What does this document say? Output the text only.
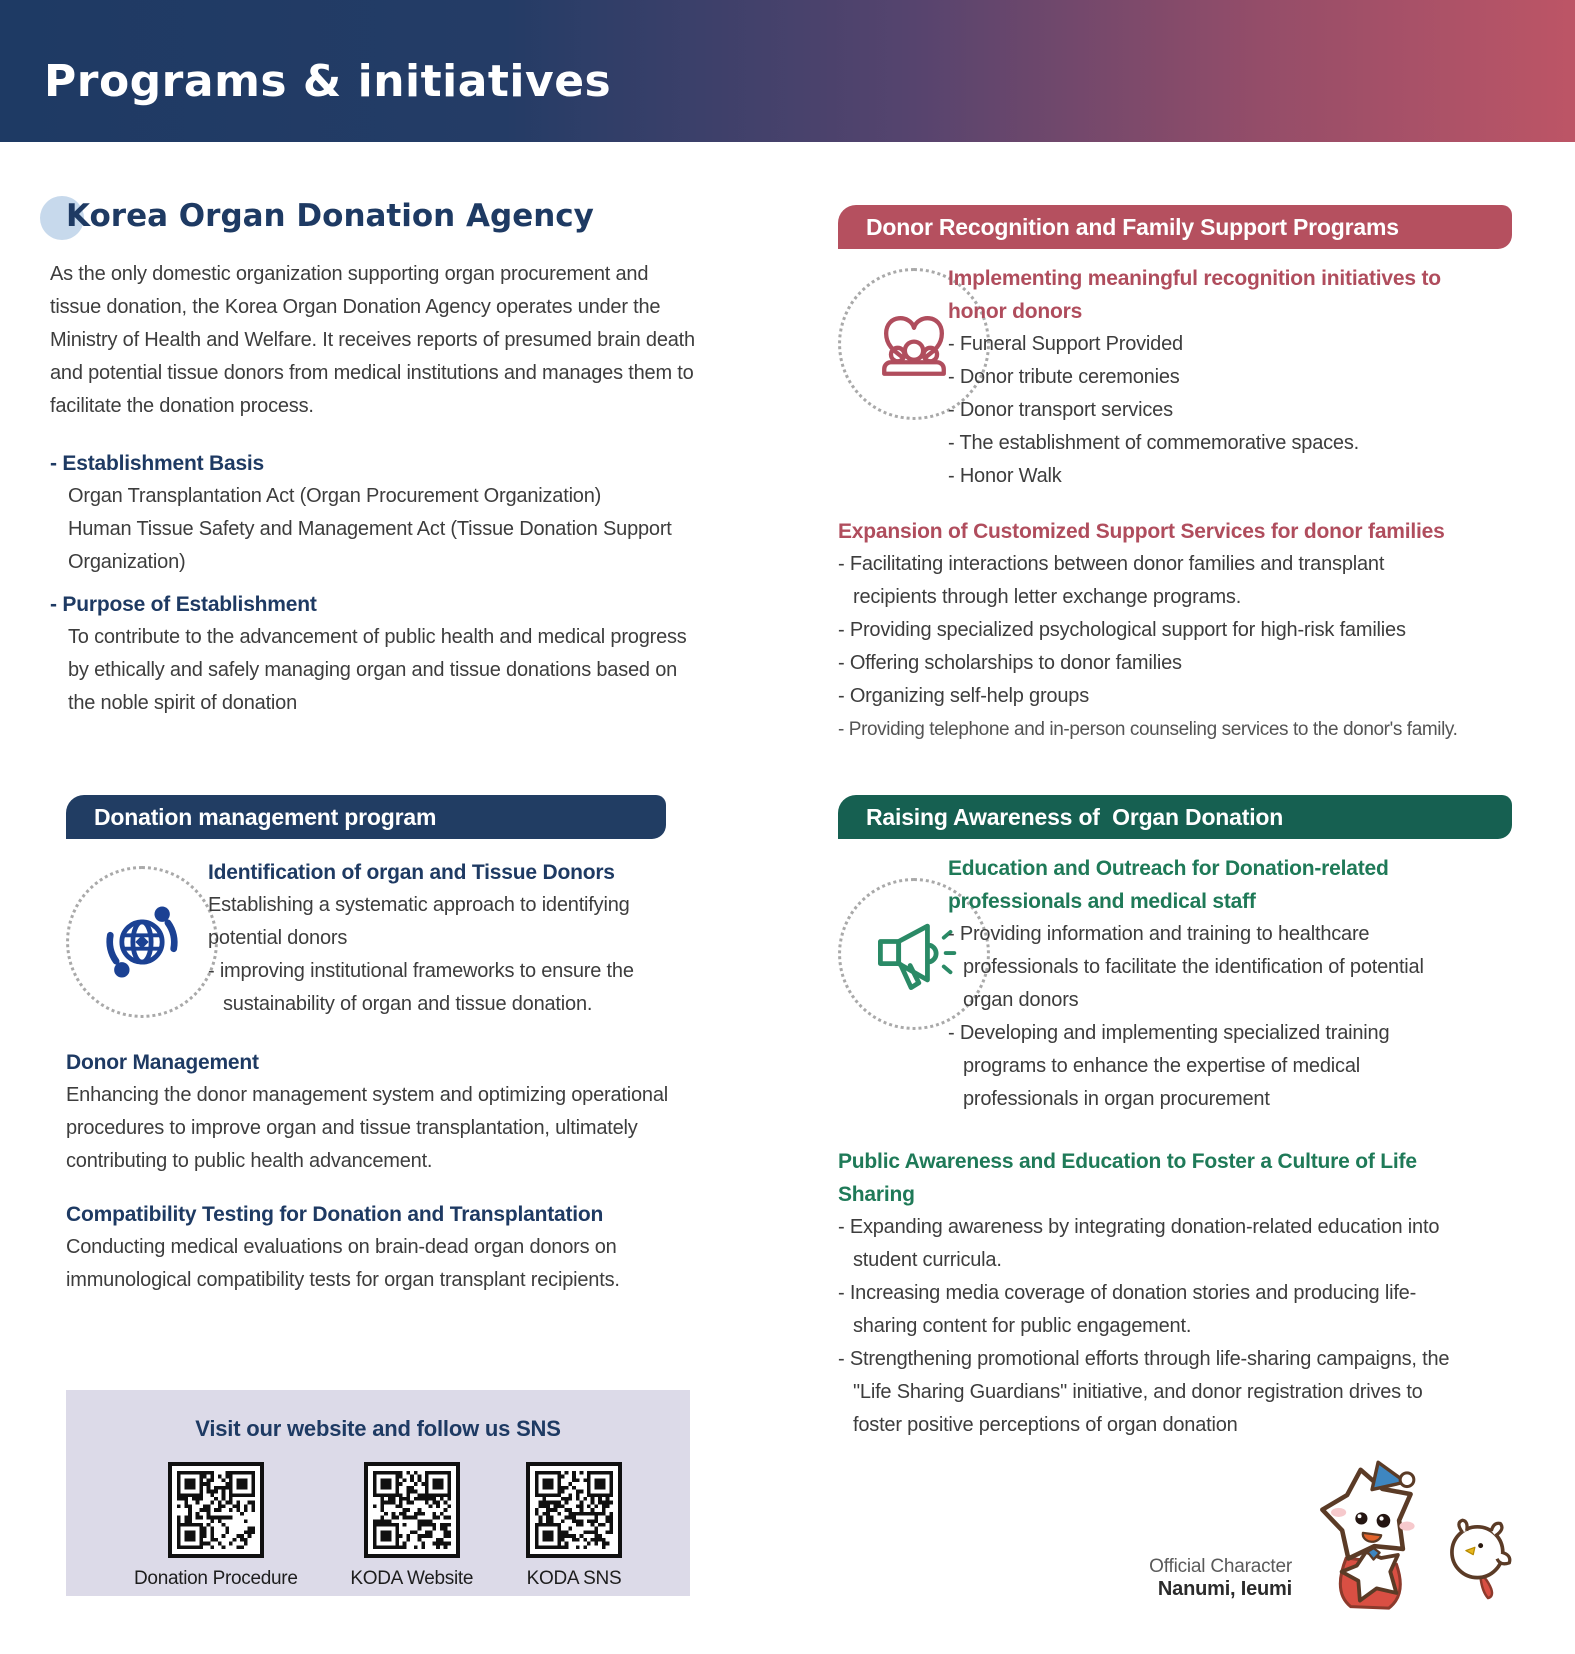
Programs & initiatives
Korea Organ Donation Agency
As the only domestic organization supporting organ procurement and tissue donation, the Korea Organ Donation Agency operates under the Ministry of Health and Welfare. It receives reports of presumed brain death and potential tissue donors from medical institutions and manages them to facilitate the donation process.
- Establishment Basis
Organ Transplantation Act (Organ Procurement Organization)
Human Tissue Safety and Management Act (Tissue Donation Support Organization)
- Purpose of Establishment
To contribute to the advancement of public health and medical progress by ethically and safely managing organ and tissue donations based on the noble spirit of donation
Donation management program
Identification of organ and Tissue Donors
Establishing a systematic approach to identifying potential donors
- improving institutional frameworks to ensure the sustainability of organ and tissue donation.
Donor Management
Enhancing the donor management system and optimizing operational procedures to improve organ and tissue transplantation, ultimately contributing to public health advancement.
Compatibility Testing for Donation and Transplantation
Conducting medical evaluations on brain-dead organ donors on immunological compatibility tests for organ transplant recipients.
Visit our website and follow us SNS
Donation Procedure	KODA Website	KODA SNS
Donor Recognition and Family Support Programs
Implementing meaningful recognition initiatives to honor donors
- Funeral Support Provided
- Donor tribute ceremonies
- Donor transport services
- The establishment of commemorative spaces.
- Honor Walk
Expansion of Customized Support Services for donor families
- Facilitating interactions between donor families and transplant recipients through letter exchange programs.
- Providing specialized psychological support for high-risk families
- Offering scholarships to donor families
- Organizing self-help groups
- Providing telephone and in-person counseling services to the donor's family.
Raising Awareness of  Organ Donation
Education and Outreach for Donation-related professionals and medical staff
- Providing information and training to healthcare professionals to facilitate the identification of potential organ donors
- Developing and implementing specialized training programs to enhance the expertise of medical professionals in organ procurement
Public Awareness and Education to Foster a Culture of Life Sharing
- Expanding awareness by integrating donation-related education into student curricula.
- Increasing media coverage of donation stories and producing life-sharing content for public engagement.
- Strengthening promotional efforts through life-sharing campaigns, the "Life Sharing Guardians" initiative, and donor registration drives to foster positive perceptions of organ donation
Official Character
Nanumi, Ieumi
